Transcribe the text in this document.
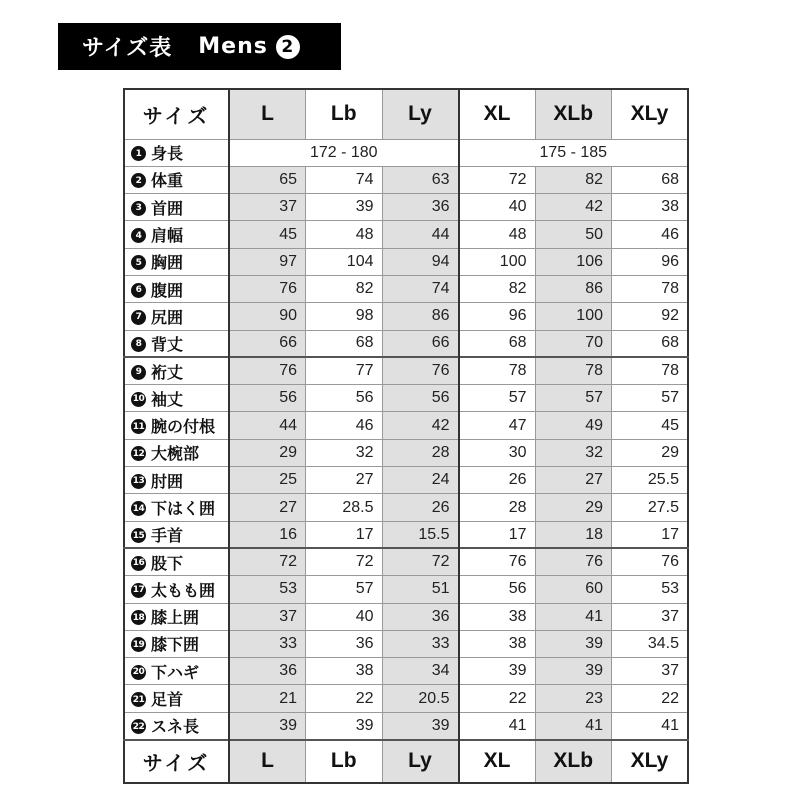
サイズ表 Mens 2
サイズ	L	Lb	Ly	XL	XLb	XLy
1 身長	172 - 180			175 - 185		
2 体重	65	74	63	72	82	68
3 首囲	37	39	36	40	42	38
4 肩幅	45	48	44	48	50	46
5 胸囲	97	104	94	100	106	96
6 腹囲	76	82	74	82	86	78
7 尻囲	90	98	86	96	100	92
8 背丈	66	68	66	68	70	68
9 裄丈	76	77	76	78	78	78
10 袖丈	56	56	56	57	57	57
11 腕の付根	44	46	42	47	49	45
12 大椀部	29	32	28	30	32	29
13 肘囲	25	27	24	26	27	25.5
14 下はく囲	27	28.5	26	28	29	27.5
15 手首	16	17	15.5	17	18	17
16 股下	72	72	72	76	76	76
17 太もも囲	53	57	51	56	60	53
18 膝上囲	37	40	36	38	41	37
19 膝下囲	33	36	33	38	39	34.5
20 下ハギ	36	38	34	39	39	37
21 足首	21	22	20.5	22	23	22
22 スネ長	39	39	39	41	41	41
サイズ	L	Lb	Ly	XL	XLb	XLy
